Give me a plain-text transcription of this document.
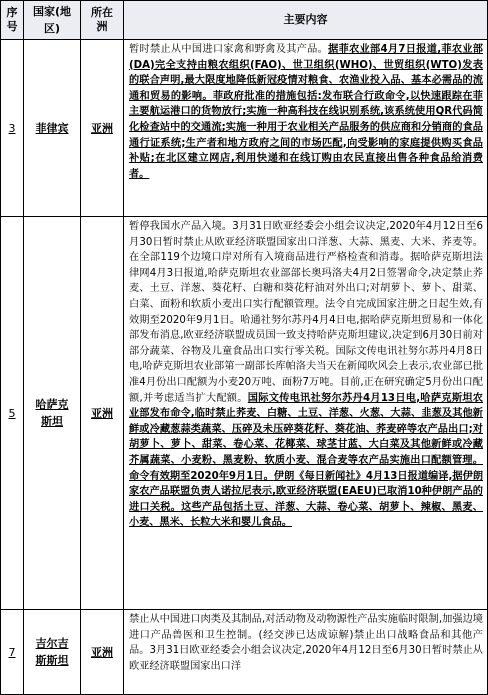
序
号	国家(地
区)	所在
洲	主要内容
3	菲律宾	亚洲	暂时禁止从中国进口家禽和野禽及其产品。据菲农业部4月7日报道,菲农业部(DA)完全支持由粮农组织(FAO)、世卫组织(WHO)、世贸组织(WTO)发表的联合声明,最大限度地降低新冠疫情对粮食、农渔业投入品、基本必需品的流通和贸易的影响。菲政府批准的措施包括:发布联合行政命令,以快速跟踪在菲主要航运港口的货物放行;实施一种高科技在线识别系统,该系统使用QR代码简化检查站中的交通流;实施一种用于农业相关产品服务的供应商和分销商的食品通行证系统;生产者和地方政府之间的市场匹配,向受影响的家庭提供购买食品补贴;在北区建立网店,利用快递和在线订购由农民直接出售各种食品给消费者。
5	哈萨克
斯坦	亚洲	暂停我国水产品入境。3月31日欧亚经委会小组会议决定,2020年4月12日至6月30日暂时禁止从欧亚经济联盟国家出口洋葱、大蒜、黑麦、大米、荞麦等。在全部119个边境口岸对所有入境商品进行严格检查和消毒。据哈萨克斯坦法律网4月3日报道,哈萨克斯坦农业部部长奥玛洛夫4月2日签署命令,决定禁止荞麦、土豆、洋葱、葵花籽、白糖和葵花籽油对外出口;对胡萝卜、萝卜、甜菜、白菜、面粉和软质小麦出口实行配额管理。法令自完成国家注册之日起生效,有效期至2020年9月1日。哈通社努尔苏丹4月4日电,据哈萨克斯坦贸易和一体化部发布消息,欧亚经济联盟成员国一致支持哈萨克斯坦建议,决定到6月30日前对部分蔬菜、谷物及儿童食品出口实行零关税。国际文传电讯社努尔苏丹4月8日电,哈萨克斯坦农业部第一副部长库帕洛夫当天在新闻吹风会上表示,农业部已批准4月份出口配额为小麦20万吨、面粉7万吨。目前,正在研究确定5月份出口配额,并考虑适当扩大配额。国际文传电讯社努尔苏丹4月13日电,哈萨克斯坦农业部发布命令,临时禁止荞麦、白糖、土豆、洋葱、火葱、大蒜、韭葱及其他新鲜或冷藏葱蒜类蔬菜、压碎及未压碎葵花籽、葵花油、荞麦碎等农产品出口;对胡萝卜、萝卜、甜菜、卷心菜、花椰菜、球茎甘蓝、大白菜及其他新鲜或冷藏芥属蔬菜、小麦粉、黑麦粉、软质小麦、混合麦等农产品实施出口配额管理。命令有效期至2020年9月1日。伊朗《每日新闻社》4月13日报道编译,据伊朗家农产品联盟负责人诺拉尼表示,欧亚经济联盟(EAEU)已取消10种伊朗产品的进口关税。这些产品包括土豆、洋葱、大蒜、卷心菜、胡萝卜、辣椒、黑麦、小麦、黑米、长粒大米和婴儿食品。
7	吉尔吉
斯斯坦	亚洲	禁止从中国进口肉类及其制品,对活动物及动物源性产品实施临时限制,加强边境进口产品兽医和卫生控制。(经交涉已达成谅解)禁止出口战略食品和其他产品。3月31日欧亚经委会小组会议决定,2020年4月12日至6月30日暂时禁止从欧亚经济联盟国家出口洋
